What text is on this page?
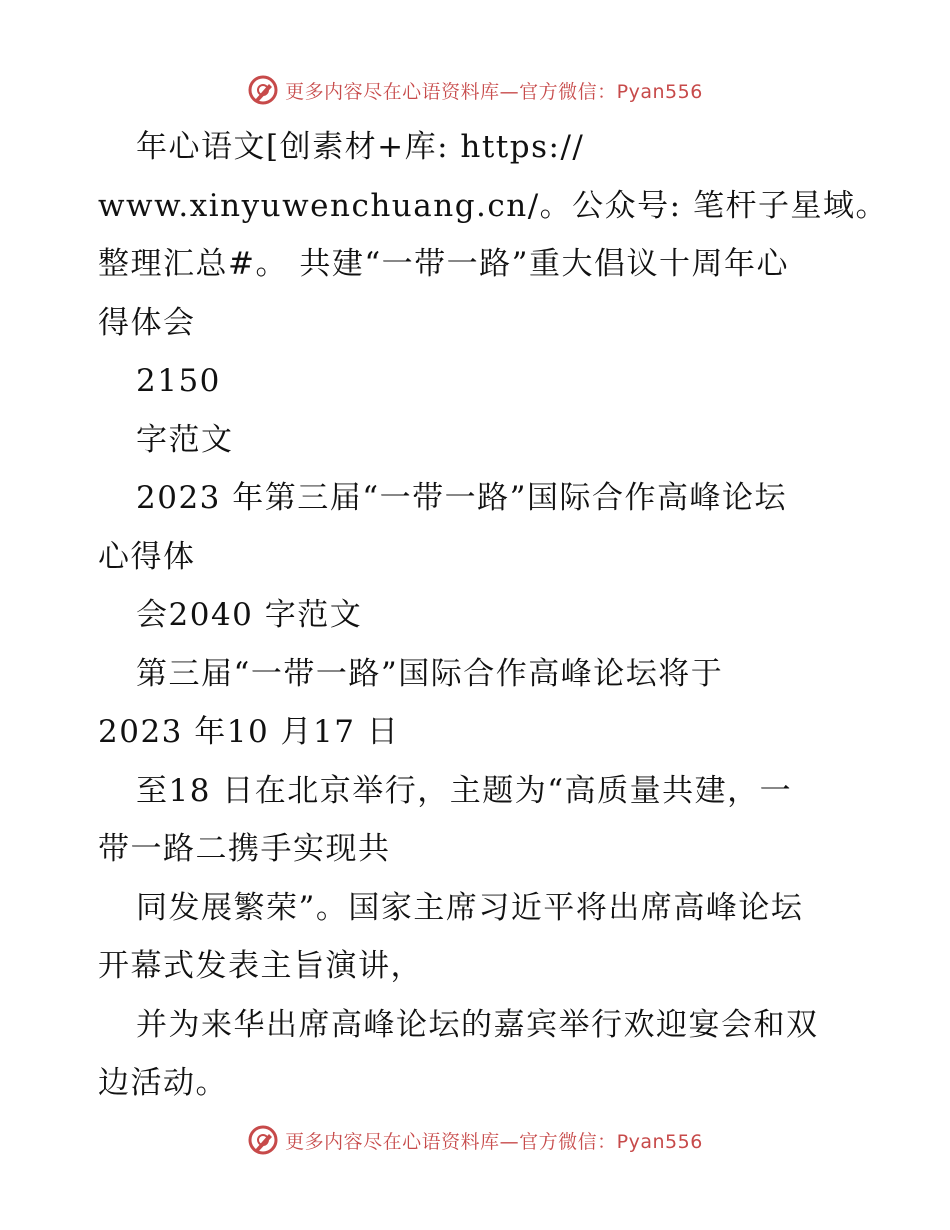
更多内容尽在心语资料库—官方微信：Pyan556
年心语文[创素材+库: https://
www.xinyuwenchuang.cn/。公众号: 笔杆子星域。
整理汇总#。 共建“一带一路”重大倡议十周年心
得体会
2150
字范文
2023 年第三届“一带一路”国际合作高峰论坛
心得体
会2040 字范文
第三届“一带一路”国际合作高峰论坛将于
2023 年10 月17 日
至18 日在北京举行，主题为“高质量共建，一
带一路二携手实现共
同发展繁荣”。国家主席习近平将出席高峰论坛
开幕式发表主旨演讲，
并为来华出席高峰论坛的嘉宾举行欢迎宴会和双
边活动。
更多内容尽在心语资料库—官方微信：Pyan556
